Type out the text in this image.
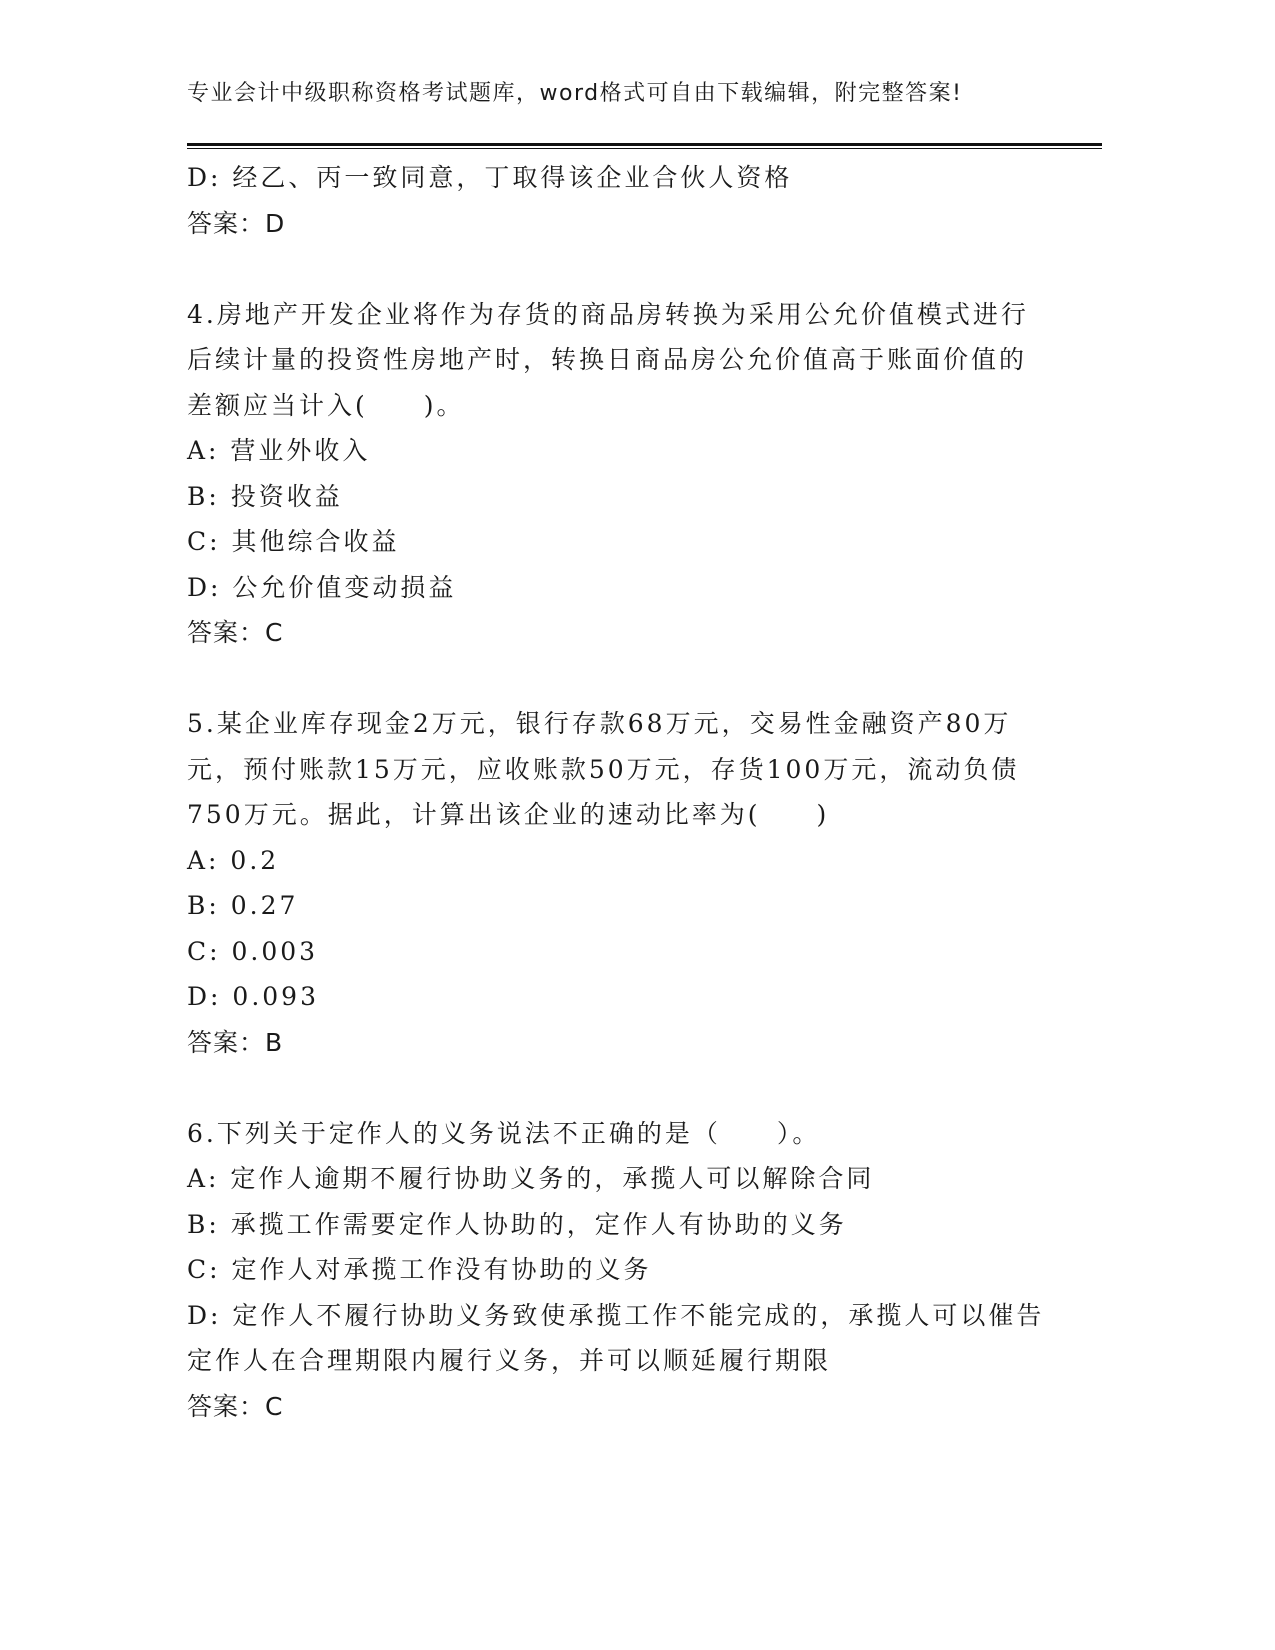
专业会计中级职称资格考试题库，word格式可自由下载编辑，附完整答案!
D: 经乙、丙一致同意，丁取得该企业合伙人资格
答案：D
4.房地产开发企业将作为存货的商品房转换为采用公允价值模式进行
后续计量的投资性房地产时，转换日商品房公允价值高于账面价值的
差额应当计入(　　)。
A: 营业外收入
B: 投资收益
C: 其他综合收益
D: 公允价值变动损益
答案：C
5.某企业库存现金2万元，银行存款68万元，交易性金融资产80万
元，预付账款15万元，应收账款50万元，存货100万元，流动负债
750万元。据此，计算出该企业的速动比率为(　　)
A: 0.2
B: 0.27
C: 0.003
D: 0.093
答案：B
6.下列关于定作人的义务说法不正确的是（　　）。
A: 定作人逾期不履行协助义务的，承揽人可以解除合同
B: 承揽工作需要定作人协助的，定作人有协助的义务
C: 定作人对承揽工作没有协助的义务
D: 定作人不履行协助义务致使承揽工作不能完成的，承揽人可以催告
定作人在合理期限内履行义务，并可以顺延履行期限
答案：C
